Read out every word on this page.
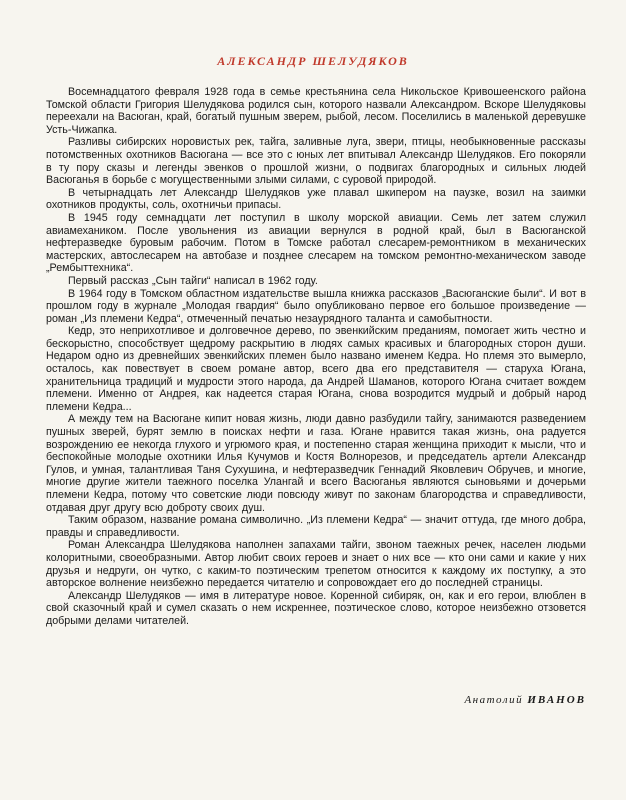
АЛЕКСАНДР ШЕЛУДЯКОВ

Восемнадцатого февраля 1928 года в семье крестьянина села Никольское Кривошеенского района Томской области Григория Шелудякова родился сын, которого назвали Александром. Вскоре Шелудяковы переехали на Васюган, край, богатый пушным зверем, рыбой, лесом. Поселились в маленькой деревушке Усть-Чижапка.

Разливы сибирских норовистых рек, тайга, заливные луга, звери, птицы, необыкновенные рассказы потомственных охотников Васюгана — все это с юных лет впитывал Александр Шелудяков. Его покоряли в ту пору сказы и легенды эвенков о прошлой жизни, о подвигах благородных и сильных людей Васюганья в борьбе с могущественными злыми силами, с суровой природой.

В четырнадцать лет Александр Шелудяков уже плавал шкипером на паузке, возил на заимки охотников продукты, соль, охотничьи припасы.

В 1945 году семнадцати лет поступил в школу морской авиации. Семь лет затем служил авиамехаником. После увольнения из авиации вернулся в родной край, был в Васюганской нефтеразведке буровым рабочим. Потом в Томске работал слесарем-ремонтником в механических мастерских, автослесарем на автобазе и позднее слесарем на томском ремонтно-механическом заводе „Рембыттехника“.

Первый рассказ „Сын тайги“ написал в 1962 году.

В 1964 году в Томском областном издательстве вышла книжка рассказов „Васюганские были“. И вот в прошлом году в журнале „Молодая гвардия“ было опубликовано первое его большое произведение — роман „Из племени Кедра“, отмеченный печатью незаурядного таланта и самобытности.

Кедр, это неприхотливое и долговечное дерево, по эвенкийским преданиям, помогает жить честно и бескорыстно, способствует щедрому раскрытию в людях самых красивых и благородных сторон души. Недаром одно из древнейших эвенкийских племен было названо именем Кедра. Но племя это вымерло, осталось, как повествует в своем романе автор, всего два его представителя — старуха Югана, хранительница традиций и мудрости этого народа, да Андрей Шаманов, которого Югана считает вождем племени. Именно от Андрея, как надеется старая Югана, снова возродится мудрый и добрый народ племени Кедра...

А между тем на Васюгане кипит новая жизнь, люди давно разбудили тайгу, занимаются разведением пушных зверей, бурят землю в поисках нефти и газа. Югане нравится такая жизнь, она радуется возрождению ее некогда глухого и угрюмого края, и постепенно старая женщина приходит к мысли, что и беспокойные молодые охотники Илья Кучумов и Костя Волнорезов, и председатель артели Александр Гулов, и умная, талантливая Таня Сухушина, и нефтеразведчик Геннадий Яковлевич Обручев, и многие, многие другие жители таежного поселка Улангай и всего Васюганья являются сыновьями и дочерьми племени Кедра, потому что советские люди повсюду живут по законам благородства и справедливости, отдавая друг другу всю доброту своих душ.

Таким образом, название романа символично. „Из племени Кедра“ — значит оттуда, где много добра, правды и справедливости.

Роман Александра Шелудякова наполнен запахами тайги, звоном таежных речек, населен людьми колоритными, своеобразными. Автор любит своих героев и знает о них все — кто они сами и какие у них друзья и недруги, он чутко, с каким-то поэтическим трепетом относится к каждому их поступку, а это авторское волнение неизбежно передается читателю и сопровождает его до последней страницы.

Александр Шелудяков — имя в литературе новое. Коренной сибиряк, он, как и его герои, влюблен в свой сказочный край и сумел сказать о нем искреннее, поэтическое слово, которое неизбежно отзовется добрыми делами читателей.

Анатолий ИВАНОВ
